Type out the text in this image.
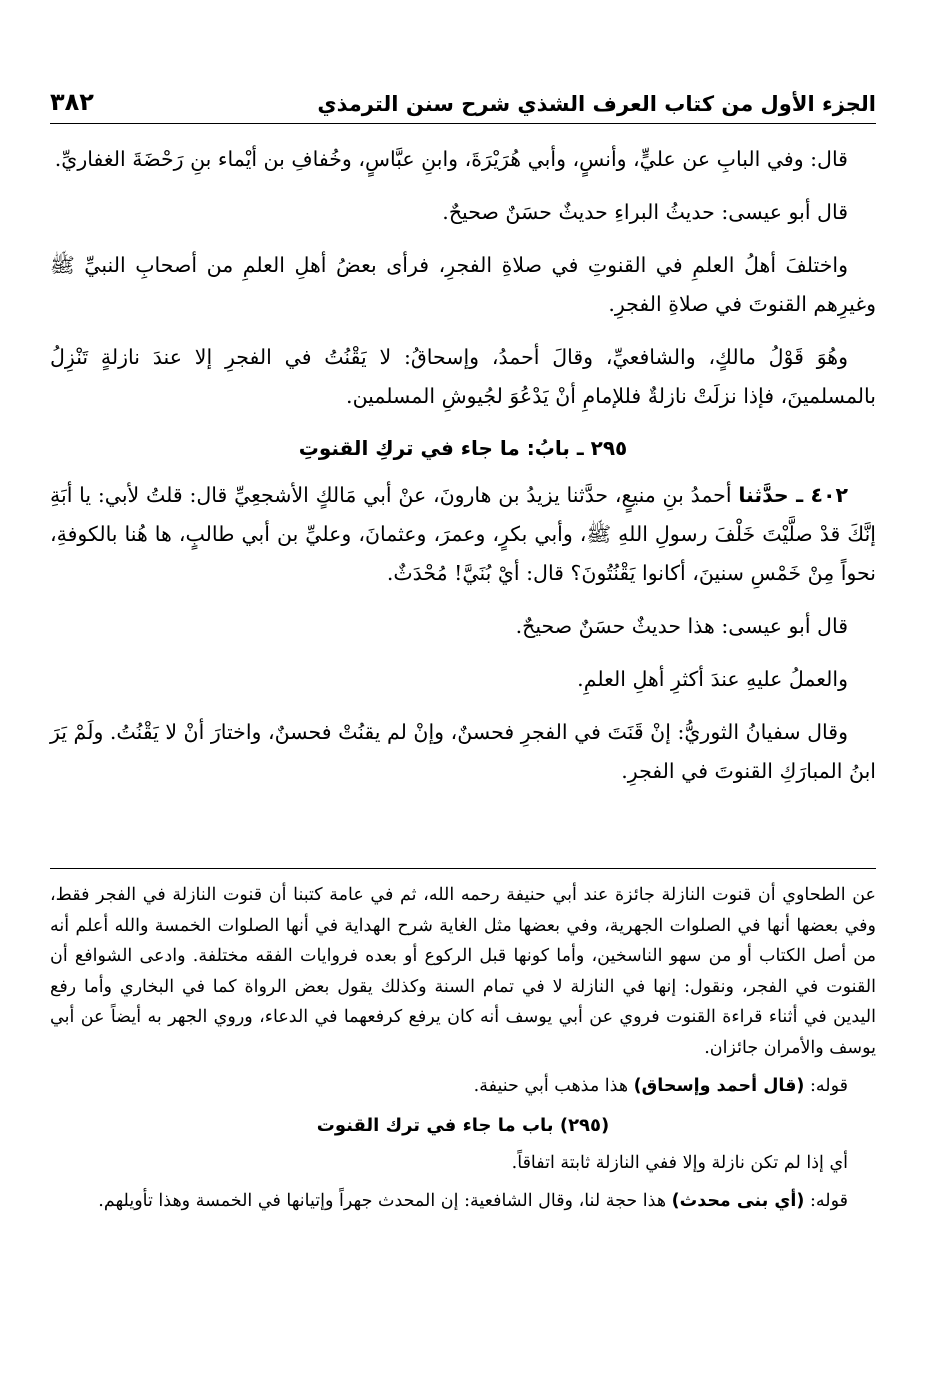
الجزء الأول من كتاب العرف الشذي شرح سنن الترمذي
٣٨٢

قال: وفي البابِ عن عليٍّ، وأنسٍ، وأبي هُرَيْرَةَ، وابنِ عبَّاسٍ، وخُفافِ بن أيْماء بنِ رَحْضَةَ الغفاريِّ.

قال أبو عيسى: حديثُ البراءِ حديثٌ حسَنٌ صحيحٌ.

واختلفَ أهلُ العلمِ في القنوتِ في صلاةِ الفجرِ، فرأى بعضُ أهلِ العلمِ من أصحابِ النبيِّ ﷺ وغيرِهم القنوتَ في صلاةِ الفجرِ.

وهُوَ قَوْلُ مالكٍ، والشافعيِّ، وقالَ أحمدُ، وإسحاقُ: لا يَقْنُتُ في الفجرِ إلا عندَ نازلةٍ تَنْزِلُ بالمسلمينَ، فإذا نزلَتْ نازلةٌ فللإمامِ أنْ يَدْعُوَ لجُيوشِ المسلمين.

٢٩٥ ـ بابُ: ما جاء في تركِ القنوتِ

٤٠٢ ـ حدَّثنا أحمدُ بنِ منيعٍ، حدَّثنا يزيدُ بن هارونَ، عنْ أبي مَالكٍ الأشجعِيِّ قال: قلتُ لأبي: يا أبَةِ إنَّكَ قدْ صلَّيْتَ خَلْفَ رسولِ اللهِ ﷺ، وأبي بكرٍ، وعمرَ، وعثمانَ، وعليِّ بن أبي طالبٍ، ها هُنا بالكوفةِ، نحواً مِنْ خَمْسِ سنينَ، أكانوا يَقْنُتُونَ؟ قال: أيْ بُنَيَّ! مُحْدَثٌ.

قال أبو عيسى: هذا حديثٌ حسَنٌ صحيحٌ.

والعملُ عليهِ عندَ أكثرِ أهلِ العلمِ.

وقال سفيانُ الثوريُّ: إنْ قَنَتَ في الفجرِ فحسنٌ، وإنْ لم يقنُتْ فحسنٌ، واختارَ أنْ لا يَقْنُتُ. ولَمْ يَرَ ابنُ المبارَكِ القنوتَ في الفجرِ.

عن الطحاوي أن قنوت النازلة جائزة عند أبي حنيفة رحمه الله، ثم في عامة كتبنا أن قنوت النازلة في الفجر فقط، وفي بعضها أنها في الصلوات الجهرية، وفي بعضها مثل الغاية شرح الهداية في أنها الصلوات الخمسة والله أعلم أنه من أصل الكتاب أو من سهو الناسخين، وأما كونها قبل الركوع أو بعده فروايات الفقه مختلفة. وادعى الشوافع أن القنوت في الفجر، ونقول: إنها في النازلة لا في تمام السنة وكذلك يقول بعض الرواة كما في البخاري وأما رفع اليدين في أثناء قراءة القنوت فروي عن أبي يوسف أنه كان يرفع كرفعهما في الدعاء، وروي الجهر به أيضاً عن أبي يوسف والأمران جائزان.

قوله: (قال أحمد وإسحاق) هذا مذهب أبي حنيفة.

(٢٩٥) باب ما جاء في ترك القنوت

أي إذا لم تكن نازلة وإلا ففي النازلة ثابتة اتفاقاً.

قوله: (أي بنى محدث) هذا حجة لنا، وقال الشافعية: إن المحدث جهراً وإتيانها في الخمسة وهذا تأويلهم.
